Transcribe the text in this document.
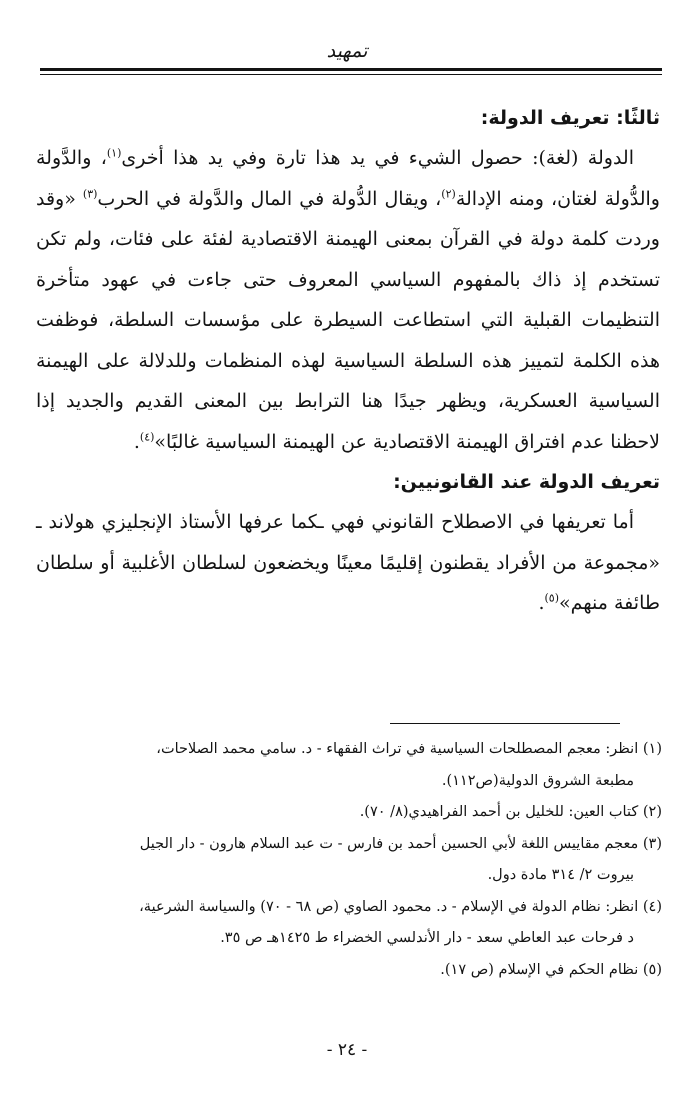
تمهيد

ثالثًا: تعريف الدولة:

الدولة (لغة): حصول الشيء في يد هذا تارة وفي يد هذا أخرى$^{(١)}$، والدَّولة والدُّولة لغتان، ومنه الإدالة$^{(٢)}$، ويقال الدُّولة في المال والدَّولة في الحرب$^{(٣)}$ «وقد وردت كلمة دولة في القرآن بمعنى الهيمنة الاقتصادية لفئة على فئات، ولم تكن تستخدم إذ ذاك بالمفهوم السياسي المعروف حتى جاءت في عهود متأخرة التنظيمات القبلية التي استطاعت السيطرة على مؤسسات السلطة، فوظفت هذه الكلمة لتمييز هذه السلطة السياسية لهذه المنظمات وللدلالة على الهيمنة السياسية العسكرية، ويظهر جيدًا هنا الترابط بين المعنى القديم والجديد إذا لاحظنا عدم افتراق الهيمنة الاقتصادية عن الهيمنة السياسية غالبًا»$^{(٤)}$.

تعريف الدولة عند القانونيين:

أما تعريفها في الاصطلاح القانوني فهي ـكما عرفها الأستاذ الإنجليزي هولاند ـ «مجموعة من الأفراد يقطنون إقليمًا معينًا ويخضعون لسلطان الأغلبية أو سلطان طائفة منهم»$^{(٥)}$.

(١) انظر: معجم المصطلحات السياسية في تراث الفقهاء - د. سامي محمد الصلاحات،
مطبعة الشروق الدولية(ص١١٢).

(٢) كتاب العين: للخليل بن أحمد الفراهيدي(٨/ ٧٠).

(٣) معجم مقاييس اللغة لأبي الحسين أحمد بن فارس - ت عبد السلام هارون - دار الجيل
بيروت ٢/ ٣١٤ مادة دول.

(٤) انظر: نظام الدولة في الإسلام - د. محمود الصاوي (ص ٦٨ - ٧٠) والسياسة الشرعية،
د فرحات عبد العاطي سعد - دار الأندلسي الخضراء ط ١٤٢٥هـ ص ٣٥.

(٥) نظام الحكم في الإسلام (ص ١٧).

- ٢٤ -
